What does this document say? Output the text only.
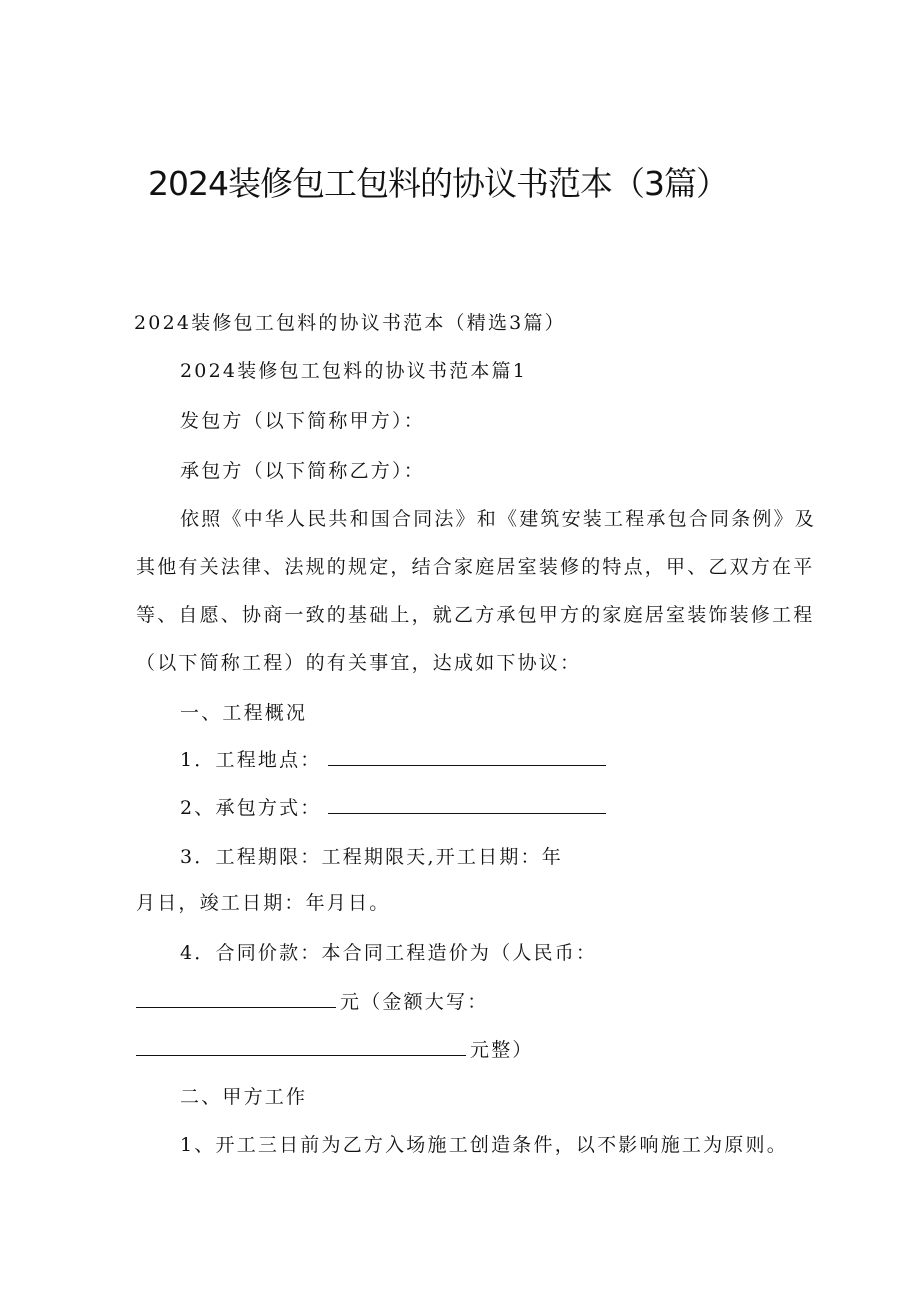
2024装修包工包料的协议书范本（3篇）
2024装修包工包料的协议书范本（精选3篇）
2024装修包工包料的协议书范本篇1
发包方（以下简称甲方）：
承包方（以下简称乙方）：
依照《中华人民共和国合同法》和《建筑安装工程承包合同条例》及
其他有关法律、法规的规定，结合家庭居室装修的特点，甲、乙双方在平
等、自愿、协商一致的基础上，就乙方承包甲方的家庭居室装饰装修工程
（以下简称工程）的有关事宜，达成如下协议：
一、工程概况
1．工程地点：
2、承包方式：
3．工程期限：工程期限天,开工日期：年
月日，竣工日期：年月日。
4．合同价款：本合同工程造价为（人民币：
元（金额大写：
元整）
二、甲方工作
1、开工三日前为乙方入场施工创造条件，以不影响施工为原则。
